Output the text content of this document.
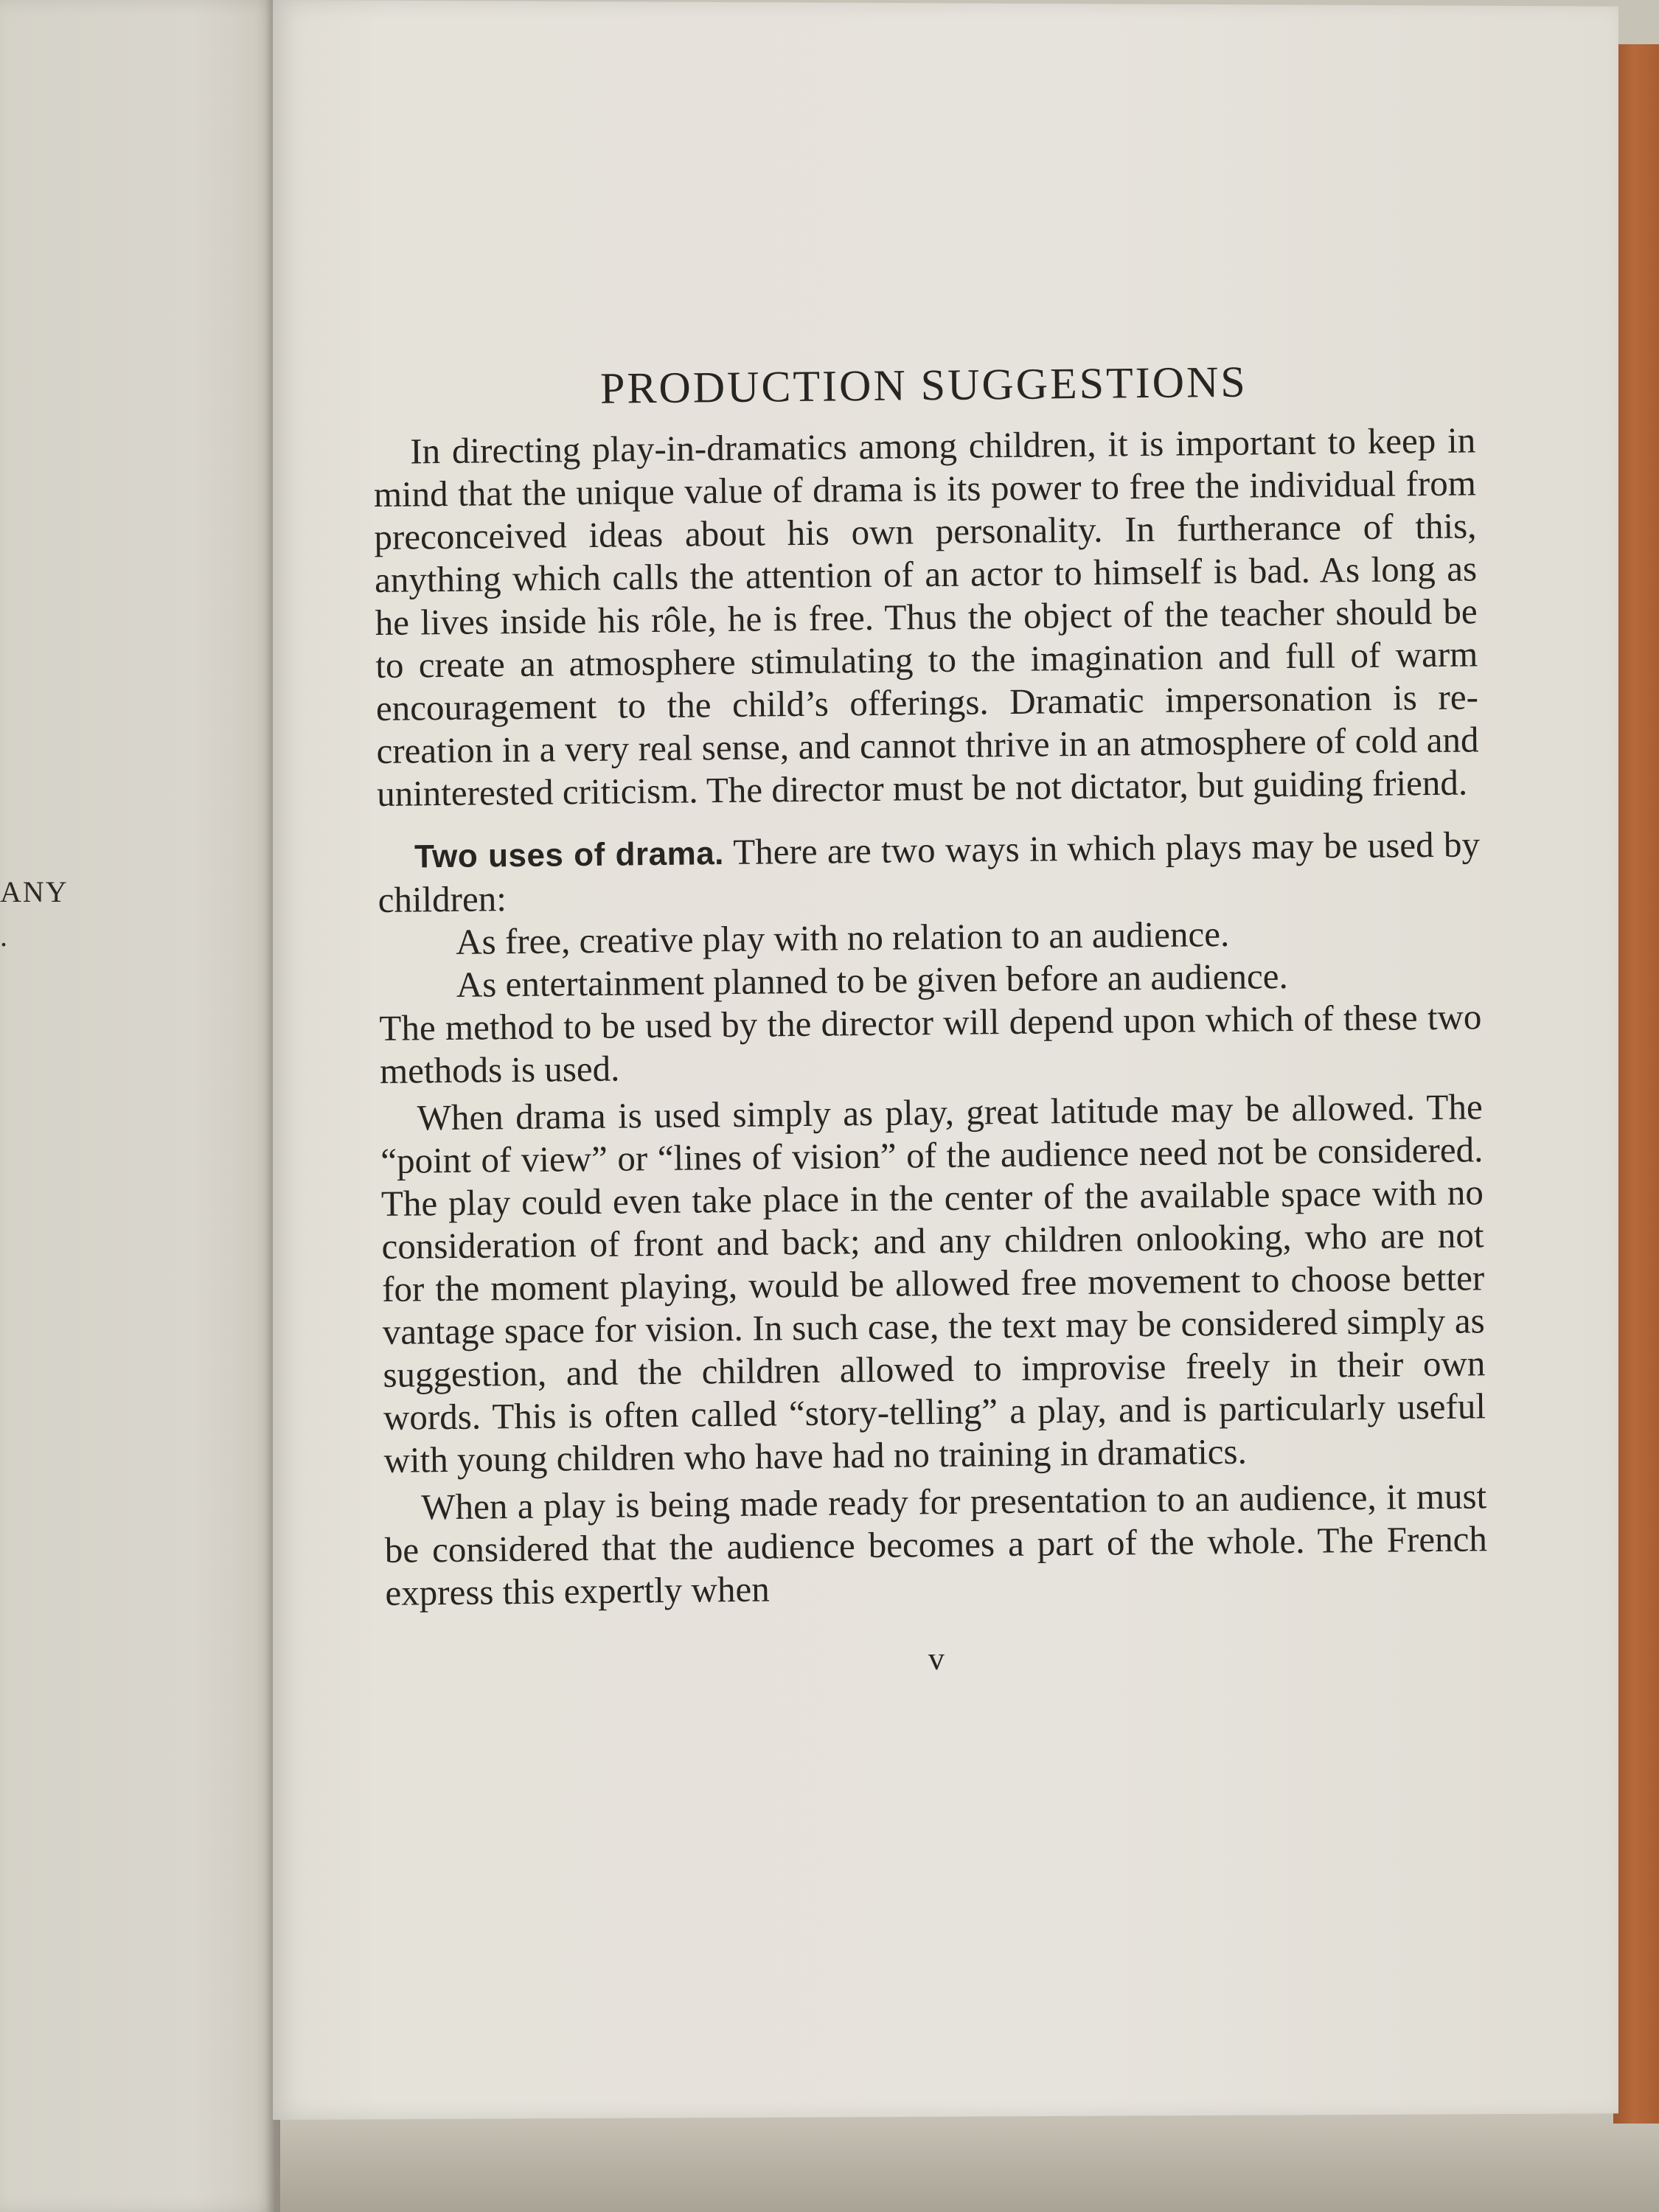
ANY
.
PRODUCTION SUGGESTIONS

In directing play-in-dramatics among children, it is important to keep in mind that the unique value of drama is its power to free the individual from preconceived ideas about his own personality. In furtherance of this, anything which calls the attention of an actor to himself is bad. As long as he lives inside his rôle, he is free. Thus the object of the teacher should be to create an atmosphere stimulating to the imagination and full of warm encouragement to the child’s offerings. Dramatic impersonation is re-creation in a very real sense, and cannot thrive in an atmosphere of cold and uninterested criticism. The director must be not dictator, but guiding friend.

Two uses of drama. There are two ways in which plays may be used by children:

As free, creative play with no relation to an audience.

As entertainment planned to be given before an audience.

The method to be used by the director will depend upon which of these two methods is used.

When drama is used simply as play, great latitude may be allowed. The “point of view” or “lines of vision” of the audience need not be considered. The play could even take place in the center of the available space with no consideration of front and back; and any children onlooking, who are not for the moment playing, would be allowed free movement to choose better vantage space for vision. In such case, the text may be considered simply as suggestion, and the children allowed to improvise freely in their own words. This is often called “story-telling” a play, and is particularly useful with young children who have had no training in dramatics.

When a play is being made ready for presentation to an audience, it must be considered that the audience becomes a part of the whole. The French express this expertly when

v
